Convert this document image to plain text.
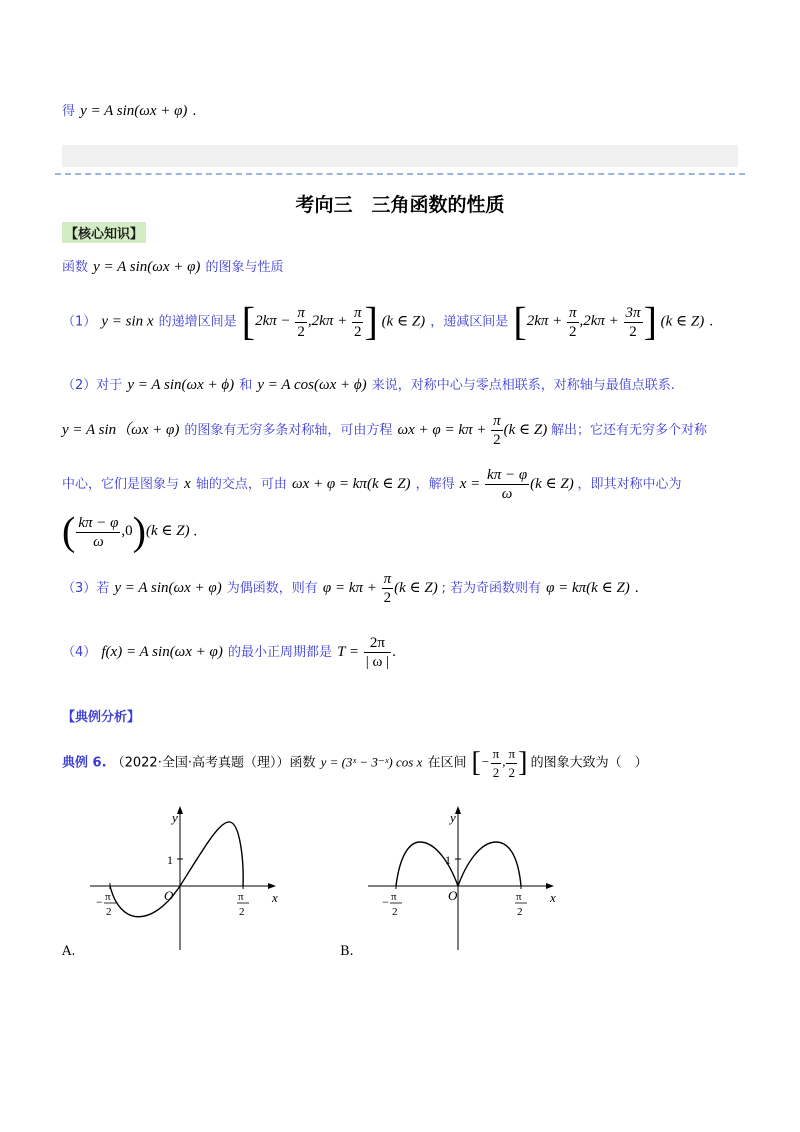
得 y = A sin(ωx + φ) .
考向三　三角函数的性质
【核心知识】
函数 y = A sin(ωx + φ) 的图象与性质
（1） y = sin x 的递增区间是 [$2k\pi - \frac{\pi}{2} ,2k\pi + \frac{\pi}{2}$ ] (k ∈ Z) ，递减区间是 [$2k\pi + \frac{\pi}{2} ,2k\pi + \frac{3\pi}{2}$ ] (k ∈ Z) .
（2）对于 y = A sin(ωx + ϕ) 和 y = A cos(ωx + ϕ) 来说，对称中心与零点相联系，对称轴与最值点联系.
y = A sin（ωx + φ) 的图象有无穷多条对称轴，可由方程 $\omega x + \varphi = k\pi + \frac{\pi}{2} (k$ ∈ Z) 解出；它还有无穷多个对称
中心，它们是图象与 x 轴的交点，可由 ωx + φ = kπ(k ∈ Z) ，解得 $x = \frac{k\pi - \varphi}{\omega} (k$ ∈ Z) ，即其对称中心为
( $\frac{k\pi - \varphi}{\omega} ,0)(k$ ∈ Z) .
（3）若 y = A sin(ωx + φ) 为偶函数，则有 $\varphi = k\pi + \frac{\pi}{2} (k$ ∈ Z) ; 若为奇函数则有 φ = kπ(k ∈ Z) .
（4） f(x) = A sin(ωx + φ) 的最小正周期都是 $T = \frac{2\pi}{| \omega |}$ .
【典例分析】
典例 6. （2022·全国·高考真题（理））函数 y = (3ˣ − 3⁻ˣ) cos x 在区间 [− $\frac{\pi}{2}$ , $\frac{\pi}{2}$ ] 的图象大致为（　）
y
x
O
1
− π
2
π
2
A.
y
x
O
1
− π
2
π
2
B.
